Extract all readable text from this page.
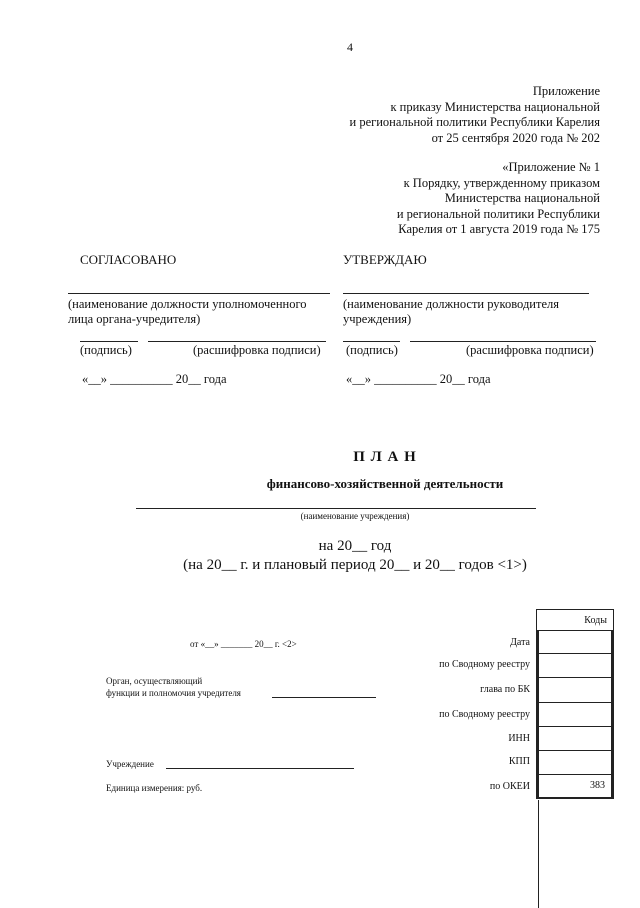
4
Приложение
к приказу Министерства национальной
и региональной политики Республики Карелия
от 25 сентября 2020 года № 202
«Приложение № 1
к Порядку, утвержденному приказом
Министерства национальной
и региональной политики Республики
Карелия от 1 августа 2019 года № 175
СОГЛАСОВАНО
(наименование должности уполномоченного
лица органа-учредителя)
(подпись)	(расшифровка подписи)
«__» __________ 20__ года
УТВЕРЖДАЮ
(наименование должности руководителя
учреждения)
(подпись)	(расшифровка подписи)
«__» __________ 20__ года
П Л А Н
финансово-хозяйственной деятельности
(наименование учреждения)
на 20__ год
(на 20__ г. и плановый период 20__ и 20__ годов <1>)
от «__» _______ 20__ г. <2>
Орган, осуществляющий
функции и полномочия учредителя
Учреждение
Единица измерения: руб.
Дата
по Сводному реестру
глава по БК
по Сводному реестру
ИНН
КПП
по ОКЕИ
Коды
383
